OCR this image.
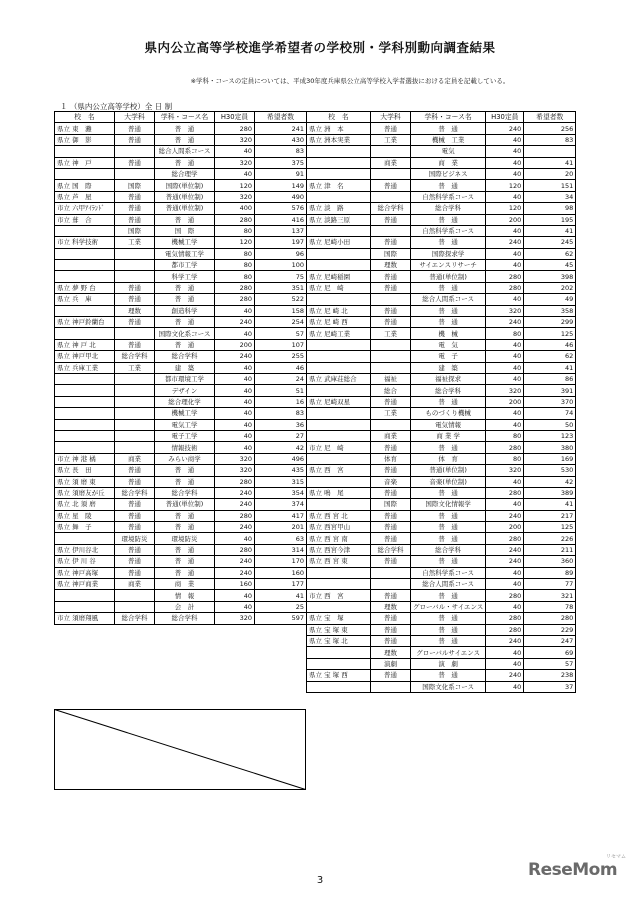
県内公立高等学校進学希望者の学校別・学科別動向調査結果
※学科・コースの定員については、平成30年度兵庫県公立高等学校入学者選抜における定員を記載している。
１ （県内公立高等学校）全 日 制
校　名	大学科	学科・コース名	H30定員	希望者数
県立 東　灘	普通	普　通	280	241
県立 御　影	普通	普　通	320	430
		総合人間系コース	40	83
県立 神　戸	普通	普　通	320	375
		総合理学	40	91
県立 国　際	国際	国際(単位制)	120	149
県立 芦　屋	普通	普通(単位制)	320	490
市立 六甲ｱｲﾗﾝﾄﾞ	普通	普通(単位制)	400	576
市立 葺　合	普通	普　通	280	416
	国際	国　際	80	137
市立 科学技術	工業	機械工学	120	197
		電気情報工学	80	96
		都市工学	80	100
		科学工学	80	75
県立 夢 野 台	普通	普　通	280	351
県立 兵　庫	普通	普　通	280	522
	理数	創造科学	40	158
県立 神戸鈴蘭台	普通	普　通	240	254
		国際文化系コース	40	57
県立 神 戸 北	普通	普　通	200	107
県立 神戸甲北	総合学科	総合学科	240	255
県立 兵庫工業	工業	建　築	40	46
		都市環境工学	40	24
		デザイン	40	51
		総合理化学	40	16
		機械工学	40	83
		電気工学	40	36
		電子工学	40	27
		情報技術	40	42
市立 神 港 橘	商業	みらい商学	320	496
県立 長　田	普通	普　通	320	435
県立 須 磨 東	普通	普　通	280	315
県立 須磨友が丘	総合学科	総合学科	240	354
県立 北 須 磨	普通	普通(単位制)	240	374
県立 星　陵	普通	普　通	280	417
県立 舞　子	普通	普　通	240	201
	環境防災	環境防災	40	63
県立 伊川谷北	普通	普　通	280	314
県立 伊 川 谷	普通	普　通	240	170
県立 神戸高塚	普通	普　通	240	160
県立 神戸商業	商業	商　業	160	177
		情　報	40	41
		会　計	40	25
市立 須磨翔風	総合学科	総合学科	320	597
校　名	大学科	学科・コース名	H30定員	希望者数
県立 洲　本	普通	普　通	240	256
県立 洲本実業	工業	機械　工業	40	83
		電気	40	
	商業	商　業	40	41
		国際ビジネス	40	20
県立 津　名	普通	普　通	120	151
		自然科学系コース	40	34
県立 淡　路	総合学科	総合学科	120	98
県立 淡路三原	普通	普　通	200	195
		自然科学系コース	40	41
県立 尼崎小田	普通	普　通	240	245
	国際	国際探求学	40	62
	理数	サイエンスリサーチ	40	45
県立 尼崎稲園	普通	普通(単位制)	280	398
県立 尼　崎	普通	普　通	280	202
		総合人間系コース	40	49
県立 尼 崎 北	普通	普　通	320	358
県立 尼 崎 西	普通	普　通	240	299
県立 尼崎工業	工業	機　械	80	125
		電　気	40	46
		電　子	40	62
		建　築	40	41
県立 武庫荘総合	福祉	福祉探求	40	86
	総合	総合学科	320	391
県立 尼崎双星	普通	普　通	200	370
	工業	ものづくり機械	40	74
		電気情報	40	50
	商業	商 業 学	80	123
市立 尼　崎	普通	普　通	280	380
	体育	体　育	80	169
県立 西　宮	普通	普通(単位制)	320	530
	音楽	音楽(単位制)	40	42
県立 鳴　尾	普通	普　通	280	389
	国際	国際文化情報学	40	41
県立 西 宮 北	普通	普　通	240	217
県立 西宮甲山	普通	普　通	200	125
県立 西 宮 南	普通	普　通	280	226
県立 西宮今津	総合学科	総合学科	240	211
県立 西 宮 東	普通	普　通	240	360
		自然科学系コース	40	89
		総合人間系コース	40	77
市立 西　宮	普通	普　通	280	321
	理数	グローバル・サイエンス	40	78
県立 宝　塚	普通	普　通	280	280
県立 宝 塚 東	普通	普　通	280	229
県立 宝 塚 北	普通	普　通	240	247
	理数	グローバルサイエンス	40	69
	演劇	演　劇	40	57
県立 宝 塚 西	普通	普　通	240	238
		国際文化系コース	40	37
3
ReseMom
リセマム
